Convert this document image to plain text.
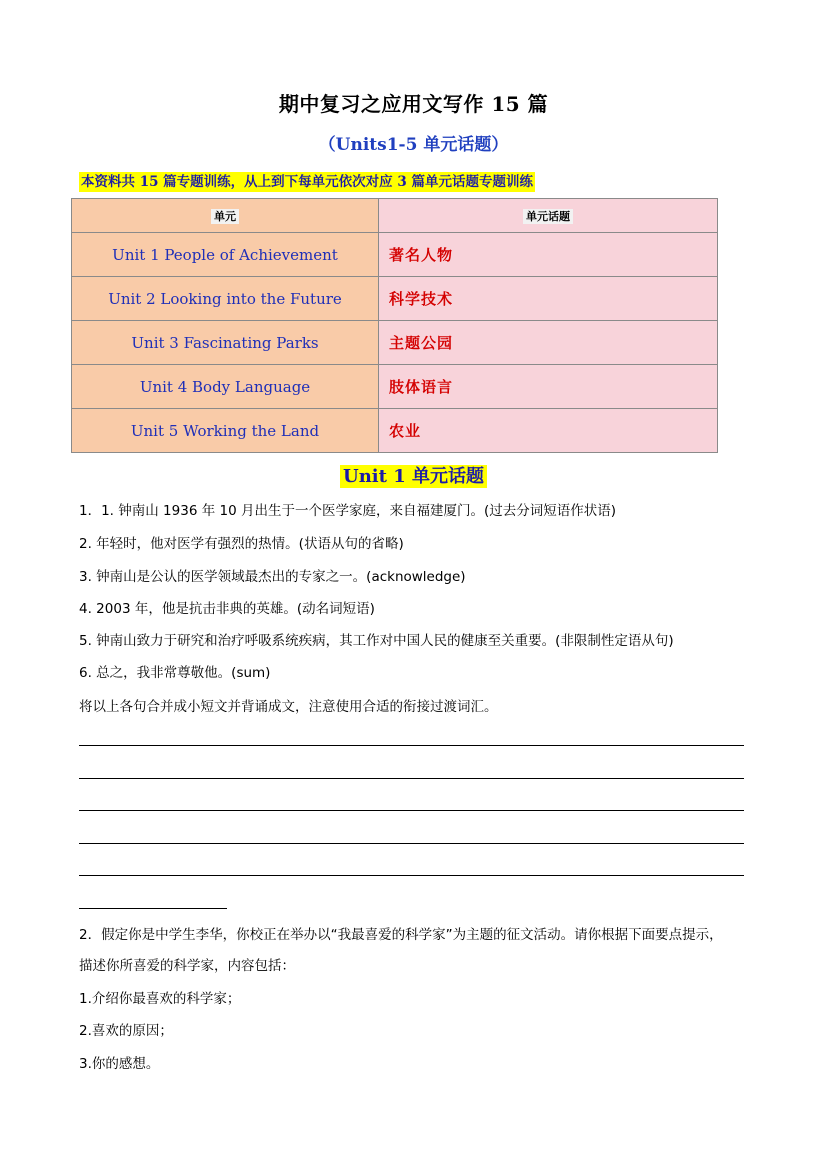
期中复习之应用文写作 15 篇
（Units1-5 单元话题）
本资料共 15 篇专题训练，从上到下每单元依次对应 3 篇单元话题专题训练
单元	单元话题
Unit 1 People of Achievement	著名人物
Unit 2 Looking into the Future	科学技术
Unit 3 Fascinating Parks	主题公园
Unit 4 Body Language	肢体语言
Unit 5 Working the Land	农业
Unit 1 单元话题
1．1. 钟南山 1936 年 10 月出生于一个医学家庭，来自福建厦门。(过去分词短语作状语)
2. 年轻时，他对医学有强烈的热情。(状语从句的省略)
3. 钟南山是公认的医学领域最杰出的专家之一。(acknowledge)
4. 2003 年，他是抗击非典的英雄。(动名词短语)
5. 钟南山致力于研究和治疗呼吸系统疾病，其工作对中国人民的健康至关重要。(非限制性定语从句)
6. 总之，我非常尊敬他。(sum)
将以上各句合并成小短文并背诵成文，注意使用合适的衔接过渡词汇。
2．假定你是中学生李华，你校正在举办以“我最喜爱的科学家”为主题的征文活动。请你根据下面要点提示，
描述你所喜爱的科学家，内容包括：
1.介绍你最喜欢的科学家；
2.喜欢的原因；
3.你的感想。
